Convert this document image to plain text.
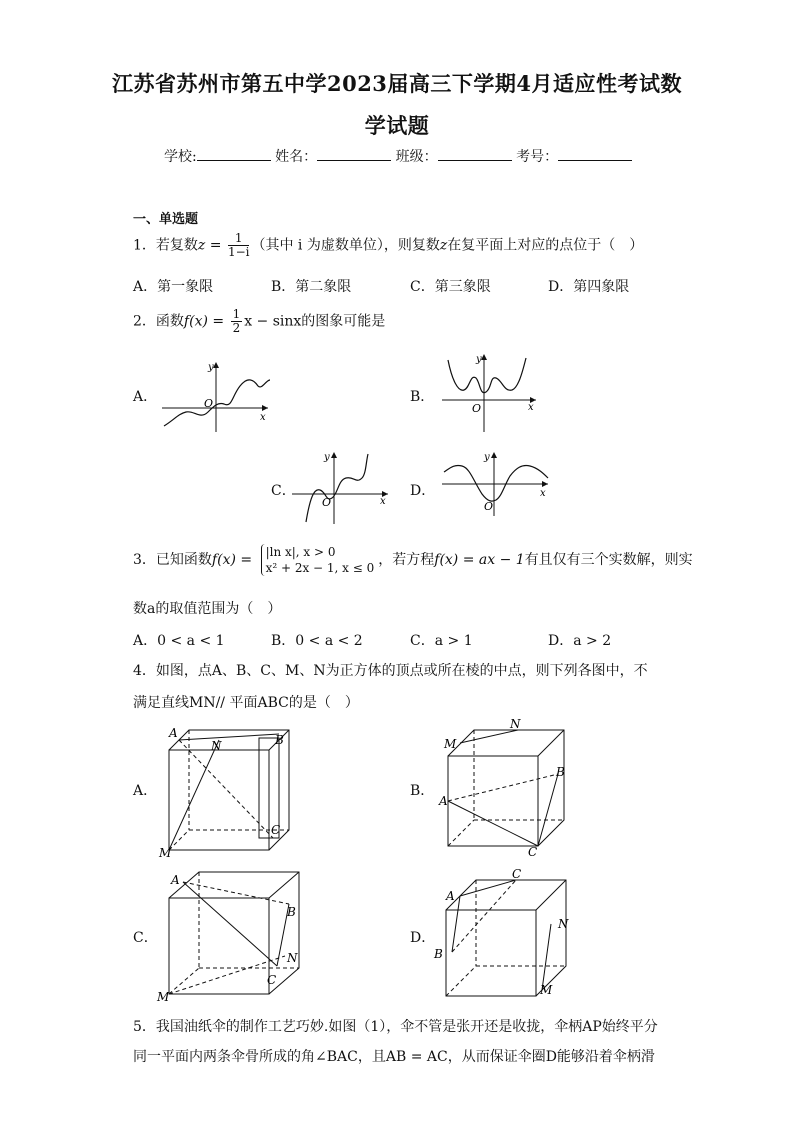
江苏省苏州市第五中学2023届高三下学期4月适应性考试数
学试题
学校:	姓名：	班级：	考号：
一、单选题
1．若复数$z = \frac{1}{1-i}$ （其中 i 为虚数单位），则复数z在复平面上对应的点位于（　）
A．第一象限	B．第二象限	C．第三象限	D．第四象限
2．函数$f(x) = \frac{1}{2}$ x − sinx的图象可能是
A．	B．
C．	D．
x
y
O	x
y
O
x
y
O
x
y
O
3．已知函数f(x) = |ln x|, x > 0
x² + 2x − 1, x ≤ 0 ，若方程f(x) = ax − 1有且仅有三个实数解，则实
数a的取值范围为（　）
A．0 < a < 1	B．0 < a < 2	C．a > 1	D．a > 2
4．如图，点A、B、C、M、N为正方体的顶点或所在棱的中点，则下列各图中，不
满足直线MN// 平面ABC的是（　）
A．	B．
C．	D．
A
N	B
C
M
M
N
B
A
C
A
B
N
C
M
A
C
B
N
M
5．我国油纸伞的制作工艺巧妙.如图（1），伞不管是张开还是收拢，伞柄AP始终平分
同一平面内两条伞骨所成的角∠BAC，且AB = AC，从而保证伞圈D能够沿着伞柄滑
